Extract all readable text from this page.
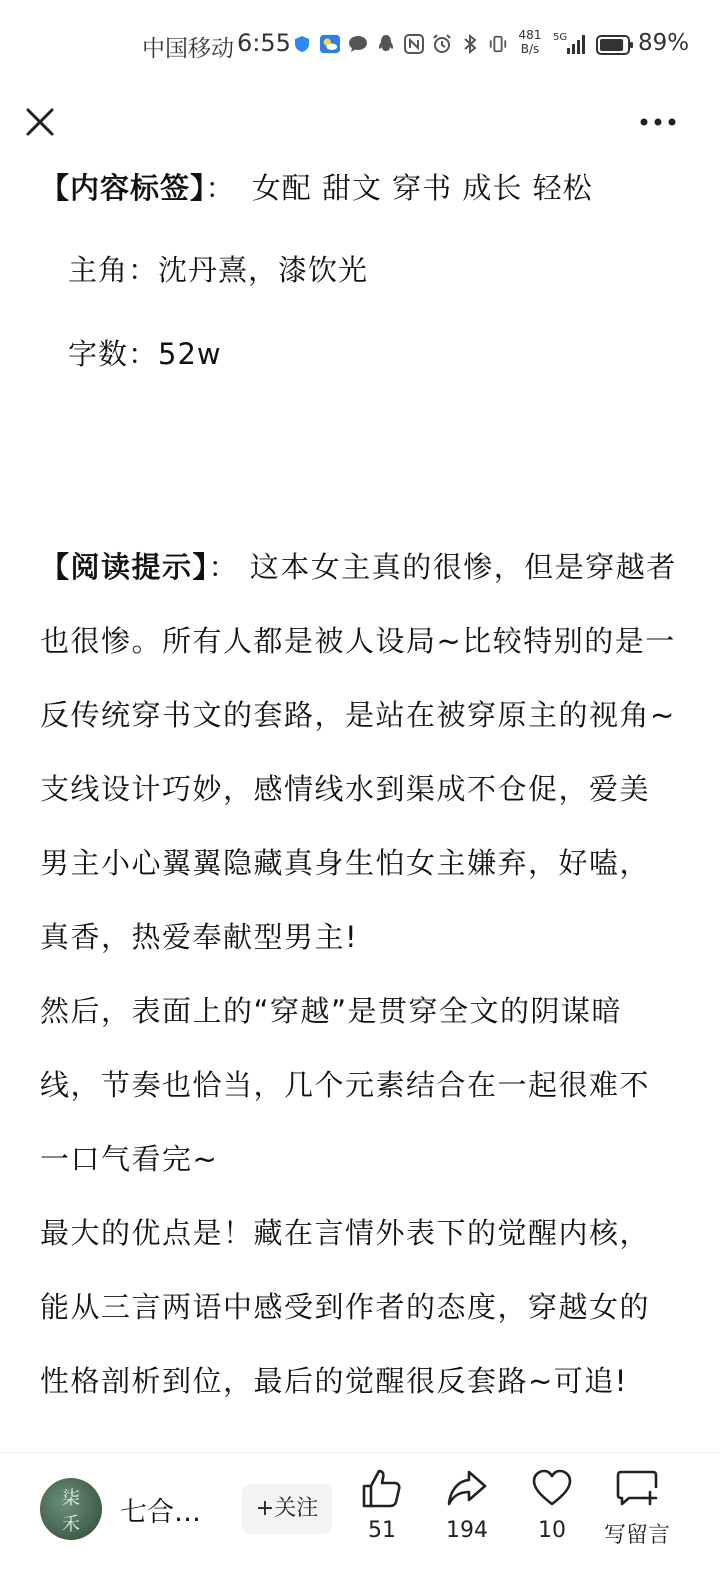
中国移动 6:55	481
B/s
5G	89%
【内容标签】： 女配 甜文 穿书 成长 轻松
主角：沈丹熹，漆饮光
字数：52w

【阅读提示】： 这本女主真的很惨，但是穿越者也很惨。所有人都是被人设局~比较特别的是一反传统穿书文的套路，是站在被穿原主的视角~支线设计巧妙，感情线水到渠成不仓促，爱美男主小心翼翼隐藏真身生怕女主嫌弃，好嗑，真香，热爱奉献型男主!

然后，表面上的“穿越”是贯穿全文的阴谋暗线，节奏也恰当，几个元素结合在一起很难不一口气看完~

最大的优点是！藏在言情外表下的觉醒内核，能从三言两语中感受到作者的态度，穿越女的性格剖析到位，最后的觉醒很反套路~可追!

柒
禾 七合…	+关注
51	194	10	写留言
